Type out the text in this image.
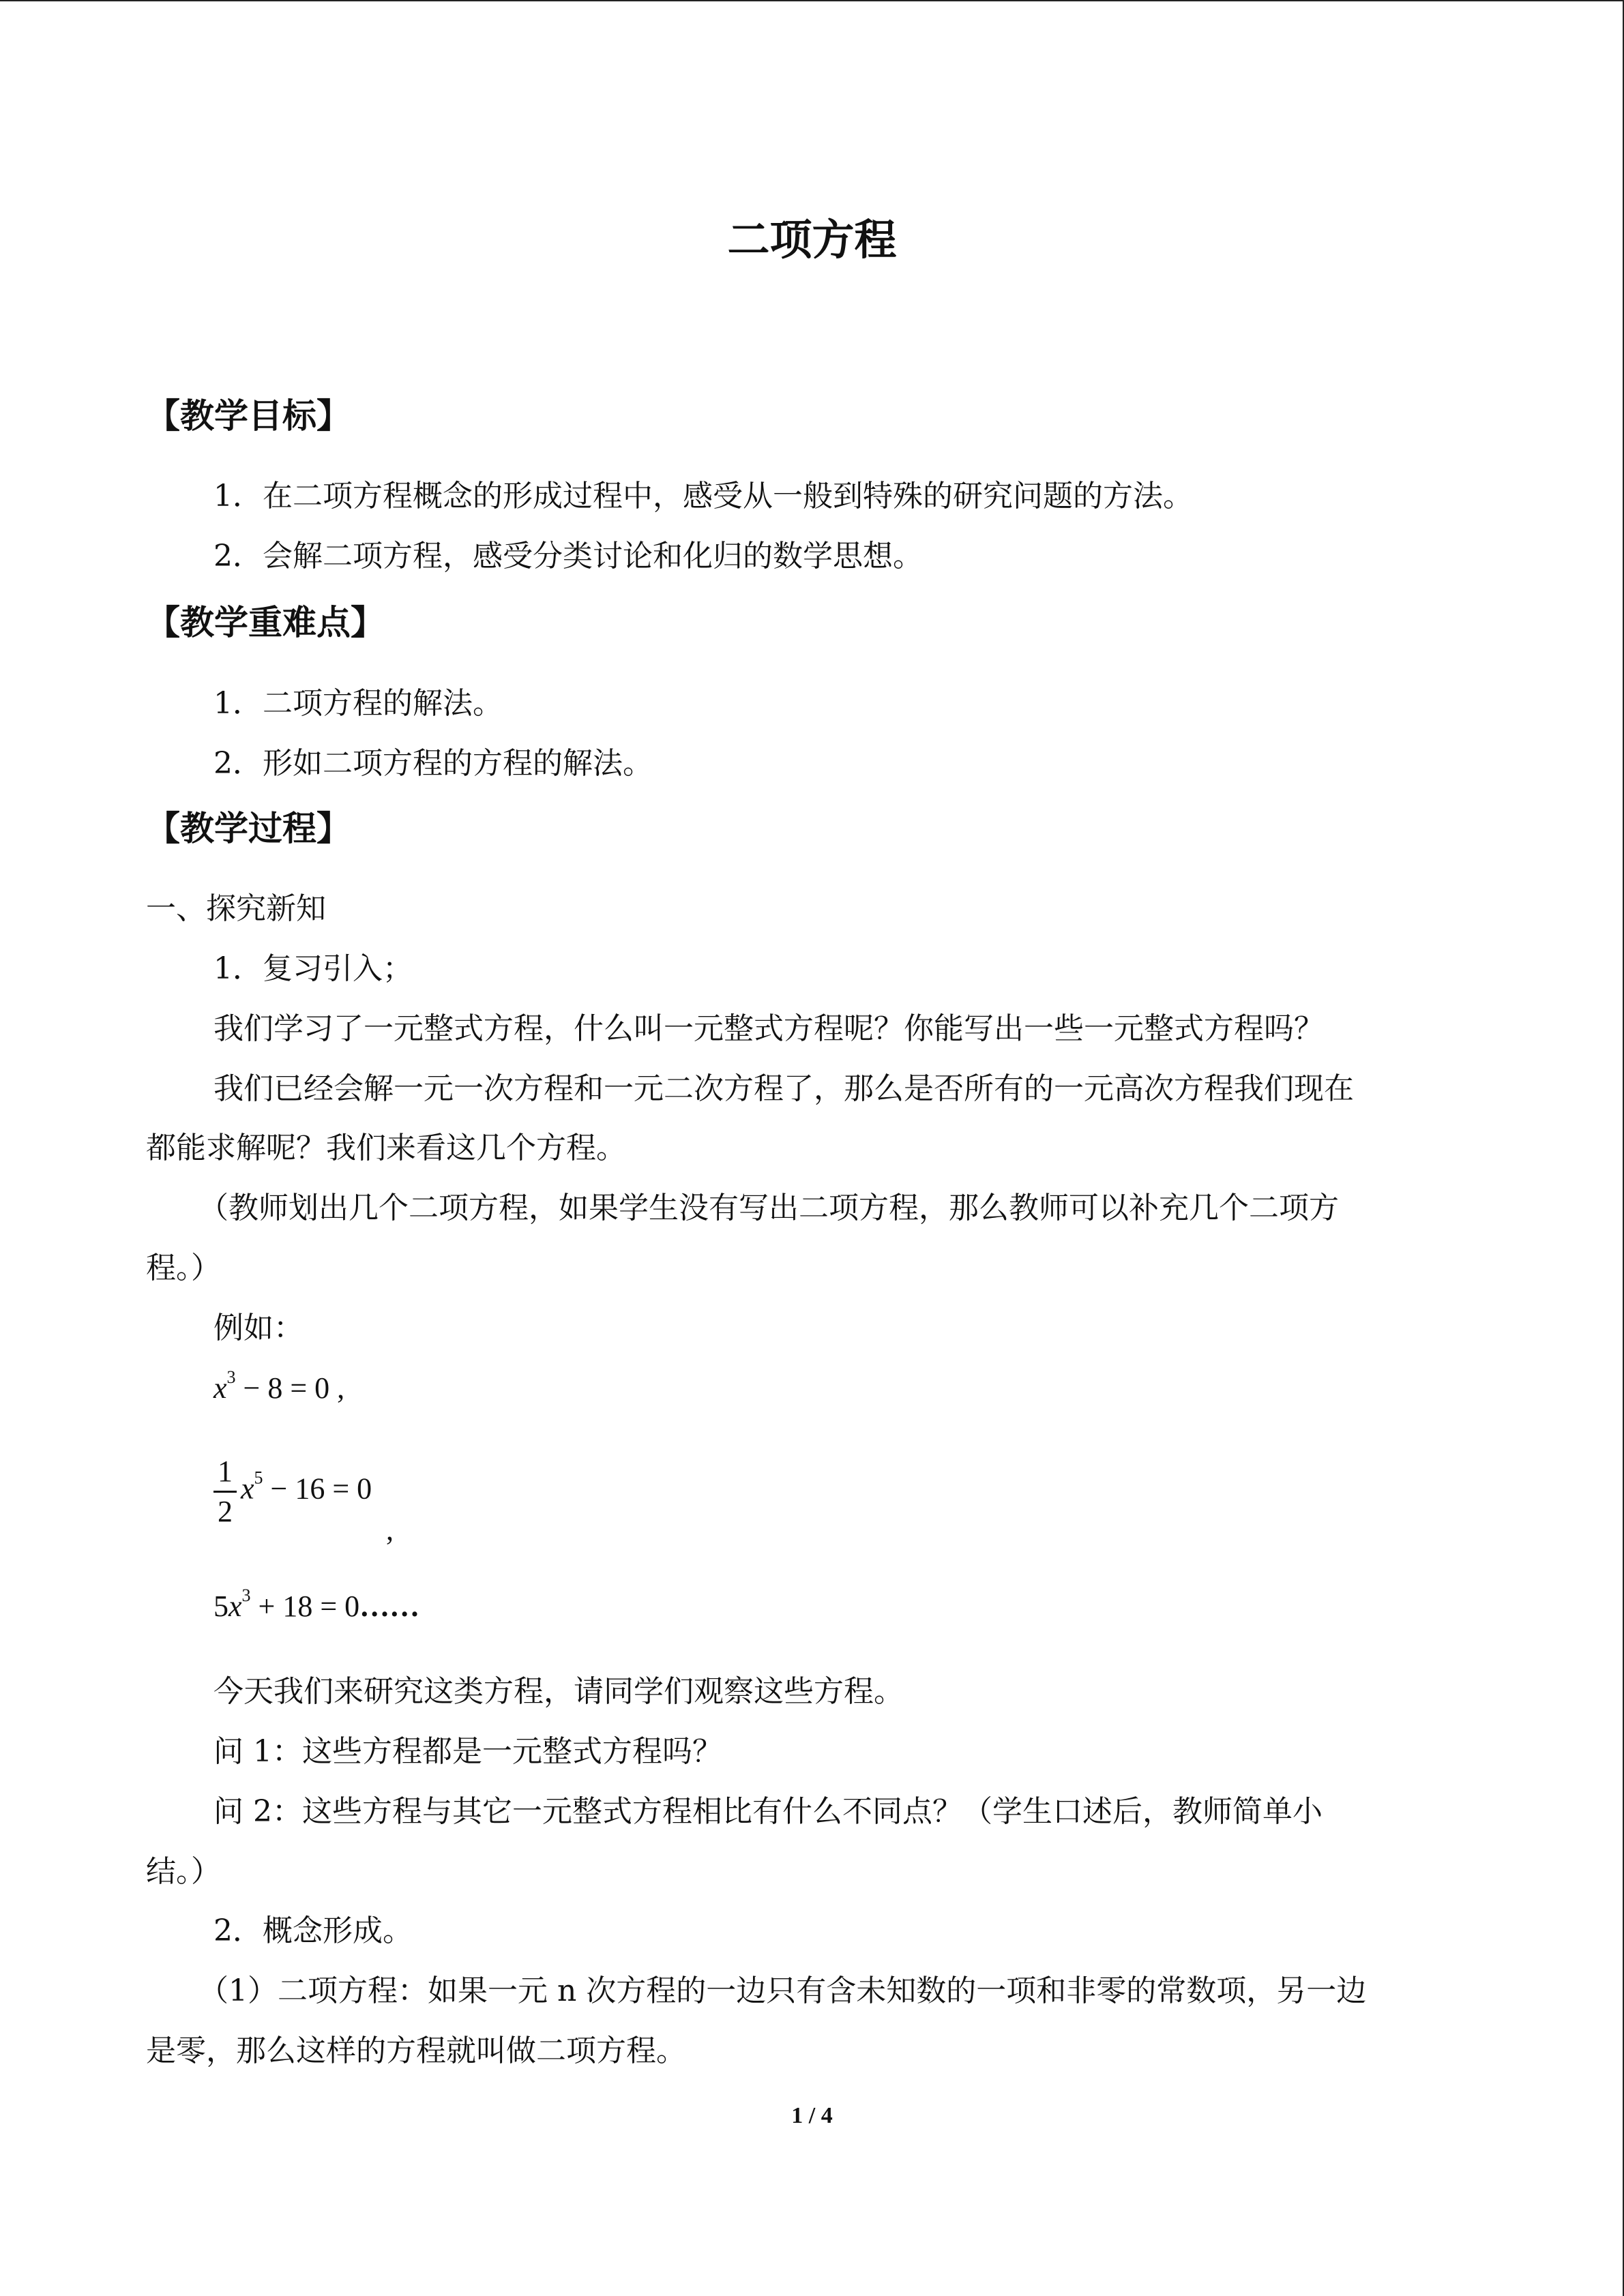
二项方程
【教学目标】
1．在二项方程概念的形成过程中，感受从一般到特殊的研究问题的方法。
2．会解二项方程，感受分类讨论和化归的数学思想。
【教学重难点】
1．二项方程的解法。
2．形如二项方程的方程的解法。
【教学过程】
一、探究新知
1．复习引入；
我们学习了一元整式方程，什么叫一元整式方程呢？你能写出一些一元整式方程吗？
我们已经会解一元一次方程和一元二次方程了，那么是否所有的一元高次方程我们现在
都能求解呢？我们来看这几个方程。
（教师划出几个二项方程，如果学生没有写出二项方程，那么教师可以补充几个二项方
程。）
例如：
$x^3 - 8 = 0$ ,
$\frac{1}{2} x^5 - 16 = 0$
,
$5x^3 + 18$ = 0……
今天我们来研究这类方程，请同学们观察这些方程。
问 1：这些方程都是一元整式方程吗？
问 2：这些方程与其它一元整式方程相比有什么不同点？（学生口述后，教师简单小
结。）
2．概念形成。
（1）二项方程：如果一元 n 次方程的一边只有含未知数的一项和非零的常数项，另一边
是零，那么这样的方程就叫做二项方程。
1 / 4
